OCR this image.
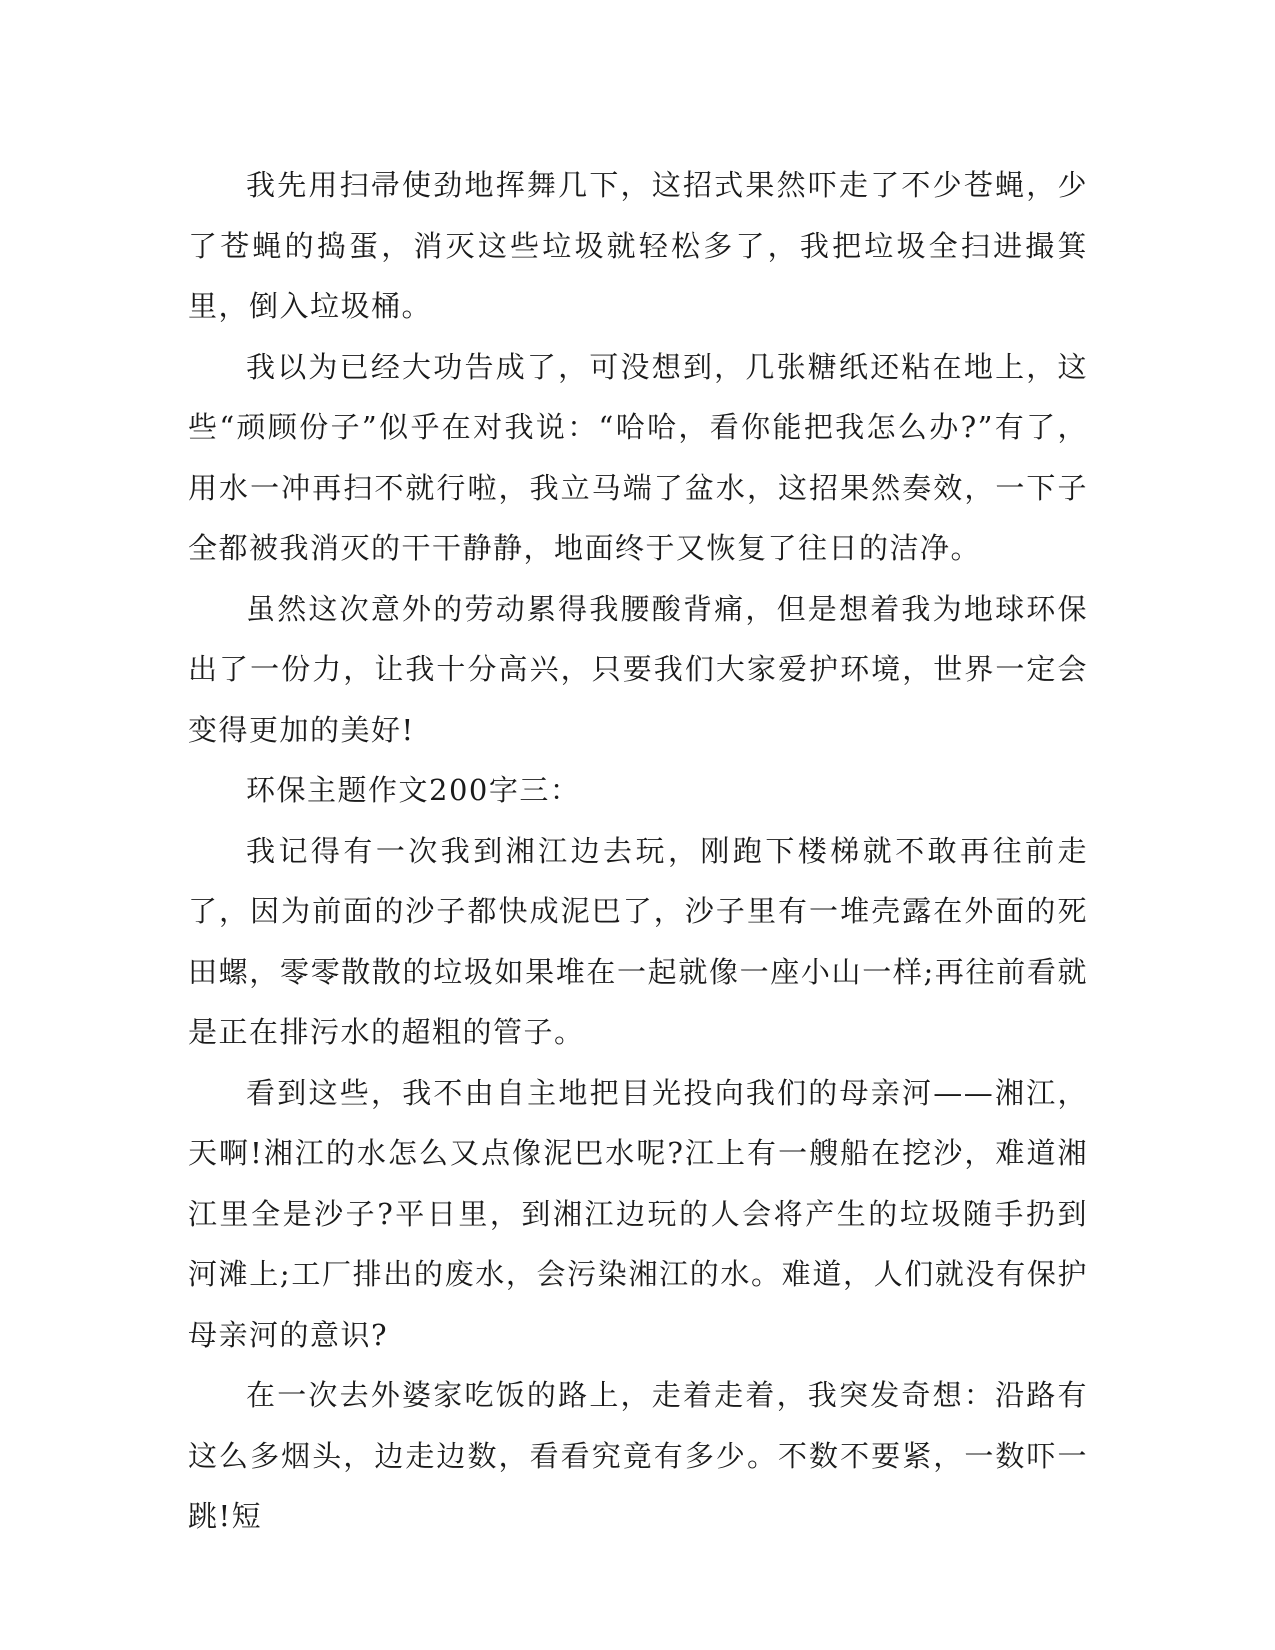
我先用扫帚使劲地挥舞几下，这招式果然吓走了不少苍蝇，少了苍蝇的捣蛋，消灭这些垃圾就轻松多了，我把垃圾全扫进撮箕里，倒入垃圾桶。

我以为已经大功告成了，可没想到，几张糖纸还粘在地上，这些“顽顾份子”似乎在对我说：“哈哈，看你能把我怎么办?”有了，用水一冲再扫不就行啦，我立马端了盆水，这招果然奏效，一下子全都被我消灭的干干静静，地面终于又恢复了往日的洁净。

虽然这次意外的劳动累得我腰酸背痛，但是想着我为地球环保出了一份力，让我十分高兴，只要我们大家爱护环境，世界一定会变得更加的美好!

环保主题作文200字三：

我记得有一次我到湘江边去玩，刚跑下楼梯就不敢再往前走了，因为前面的沙子都快成泥巴了，沙子里有一堆壳露在外面的死田螺，零零散散的垃圾如果堆在一起就像一座小山一样;再往前看就是正在排污水的超粗的管子。

看到这些，我不由自主地把目光投向我们的母亲河——湘江，天啊!湘江的水怎么又点像泥巴水呢?江上有一艘船在挖沙，难道湘江里全是沙子?平日里，到湘江边玩的人会将产生的垃圾随手扔到河滩上;工厂排出的废水，会污染湘江的水。难道，人们就没有保护母亲河的意识?

在一次去外婆家吃饭的路上，走着走着，我突发奇想：沿路有这么多烟头，边走边数，看看究竟有多少。不数不要紧，一数吓一跳!短
